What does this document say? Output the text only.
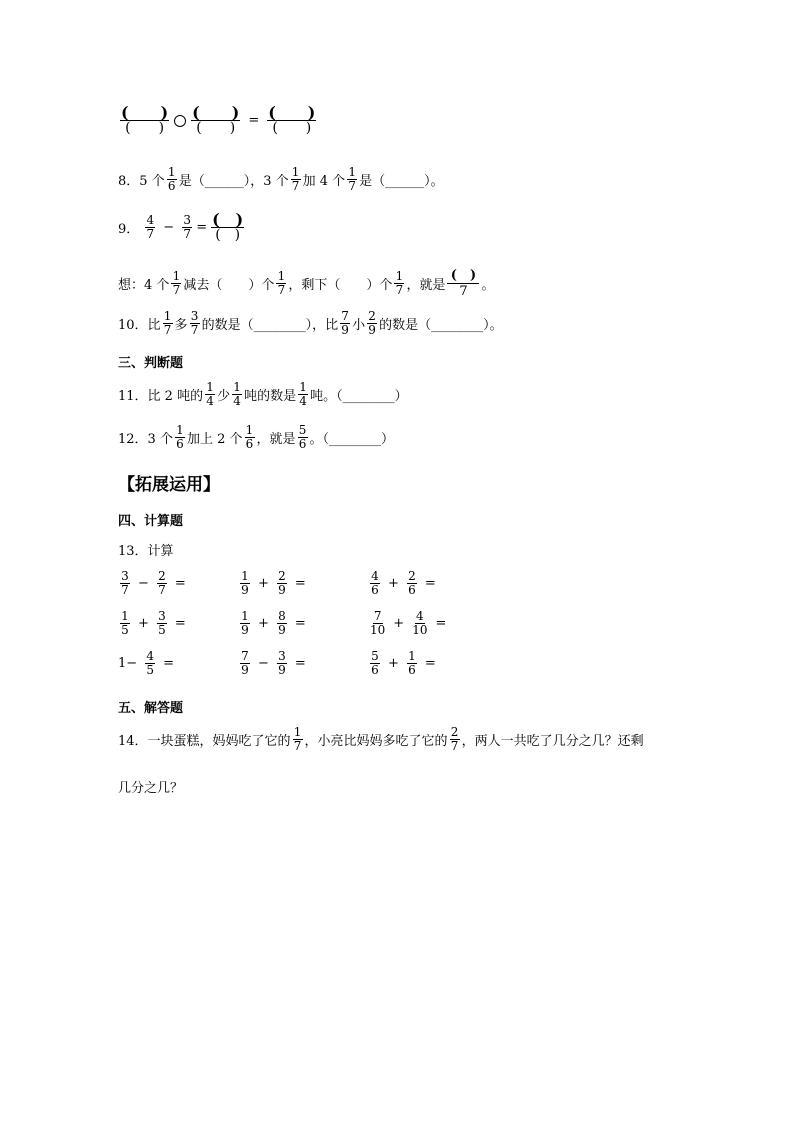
$\frac{( )}{( )} \frac{( )}{( )} = \frac{( )}{( )}$
8．5 个 $\frac{1}{6}$ 是（______），3 个 $\frac{1}{7}$ 加 4 个 $\frac{1}{7}$ 是（______）。
9． $\frac{4}{7} - \frac{3}{7} = \frac{( )}{( )}$
想：4 个 $\frac{1}{7}$ 减去（　　）个 $\frac{1}{7}$ ，剩下（　　）个 $\frac{1}{7}$ ，就是 $\frac{( )}{7}$ 。
10．比 $\frac{1}{7}$ 多 $\frac{3}{7}$ 的数是（________），比 $\frac{7}{9}$ 小 $\frac{2}{9}$ 的数是（________）。
三、判断题
11．比 2 吨的 $\frac{1}{4}$ 少 $\frac{1}{4}$ 吨的数是 $\frac{1}{4}$ 吨。（________）
12．3 个 $\frac{1}{6}$ 加上 2 个 $\frac{1}{6}$ ，就是 $\frac{5}{6}$ 。（________）
【拓展运用】
四、计算题
13．计算
$\frac{3}{7} - \frac{2}{7}$ =	$\frac{1}{9} + \frac{2}{9}$ =	$\frac{4}{6} + \frac{2}{6}$ =
$\frac{1}{5} + \frac{3}{5}$ =	$\frac{1}{9} + \frac{8}{9}$ =	$\frac{7}{10} + \frac{4}{10}$ =
$1- \frac{4}{5}$ =	$\frac{7}{9} - \frac{3}{9}$ =	$\frac{5}{6} + \frac{1}{6}$ =
五、解答题
14．一块蛋糕，妈妈吃了它的 $\frac{1}{7}$ ，小亮比妈妈多吃了它的 $\frac{2}{7}$ ，两人一共吃了几分之几？还剩
几分之几？
